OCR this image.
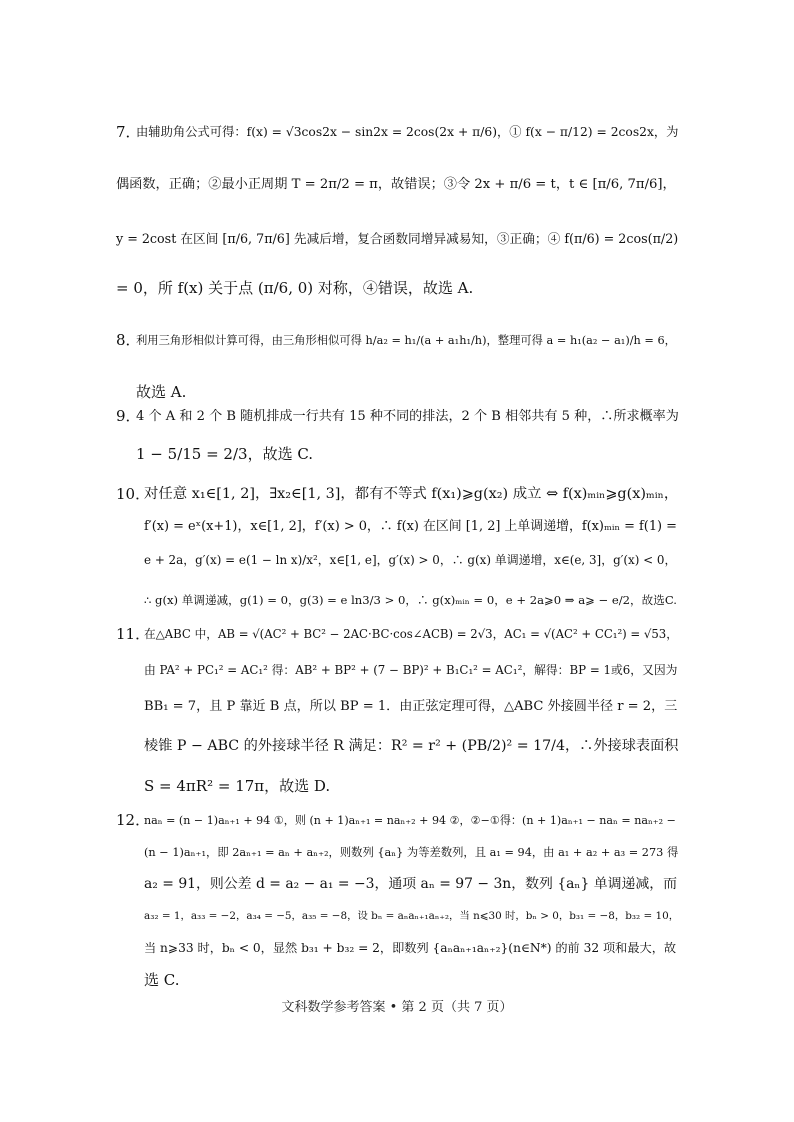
7．
由辅助角公式可得：f(x) = √3cos2x − sin2x = 2cos(2x + π/6)，① f(x − π/12) = 2cos2x，为
偶函数，正确；②最小正周期 T = 2π/2 = π，故错误；③令 2x + π/6 = t，t ∈ [π/6, 7π/6]，
y = 2cost 在区间 [π/6, 7π/6] 先减后增，复合函数同增异减易知，③正确；④ f(π/6) = 2cos(π/2)
= 0，所 f(x) 关于点 (π/6, 0) 对称，④错误，故选 A.
8．
利用三角形相似计算可得，由三角形相似可得 h/a₂ = h₁/(a + a₁h₁/h)，整理可得 a = h₁(a₂ − a₁)/h = 6，
故选 A.
9．
4 个 A 和 2 个 B 随机排成一行共有 15 种不同的排法，2 个 B 相邻共有 5 种，∴所求概率为
1 − 5/15 = 2/3，故选 C.
10．
对任意 x₁∈[1, 2]，∃x₂∈[1, 3]，都有不等式 f(x₁)⩾g(x₂) 成立 ⇔ f(x)ₘᵢₙ⩾g(x)ₘᵢₙ，
f′(x) = eˣ(x+1)，x∈[1, 2]，f′(x) > 0，∴ f(x) 在区间 [1, 2] 上单调递增，f(x)ₘᵢₙ = f(1) =
e + 2a，g′(x) = e(1 − ln x)/x²，x∈[1, e]，g′(x) > 0，∴ g(x) 单调递增，x∈(e, 3]，g′(x) < 0，
∴ g(x) 单调递减，g(1) = 0，g(3) = e ln3/3 > 0，∴ g(x)ₘᵢₙ = 0，e + 2a⩾0 ⇒ a⩾ − e/2，故选C.
11．
在△ABC 中，AB = √(AC² + BC² − 2AC·BC·cos∠ACB) = 2√3，AC₁ = √(AC² + CC₁²) = √53，
由 PA² + PC₁² = AC₁² 得：AB² + BP² + (7 − BP)² + B₁C₁² = AC₁²，解得：BP = 1或6，又因为
BB₁ = 7，且 P 靠近 B 点，所以 BP = 1．由正弦定理可得，△ABC 外接圆半径 r = 2，三
棱锥 P − ABC 的外接球半径 R 满足：R² = r² + (PB/2)² = 17/4，∴外接球表面积
S = 4πR² = 17π，故选 D.
12．
naₙ = (n − 1)aₙ₊₁ + 94 ①，则 (n + 1)aₙ₊₁ = naₙ₊₂ + 94 ②，②−①得：(n + 1)aₙ₊₁ − naₙ = naₙ₊₂ −
(n − 1)aₙ₊₁，即 2aₙ₊₁ = aₙ + aₙ₊₂，则数列 {aₙ} 为等差数列，且 a₁ = 94，由 a₁ + a₂ + a₃ = 273 得
a₂ = 91，则公差 d = a₂ − a₁ = −3，通项 aₙ = 97 − 3n，数列 {aₙ} 单调递减，而
a₃₂ = 1，a₃₃ = −2，a₃₄ = −5，a₃₅ = −8，设 bₙ = aₙaₙ₊₁aₙ₊₂，当 n⩽30 时，bₙ > 0，b₃₁ = −8，b₃₂ = 10，
当 n⩾33 时，bₙ < 0，显然 b₃₁ + b₃₂ = 2，即数列 {aₙaₙ₊₁aₙ₊₂}(n∈N*) 的前 32 项和最大，故
选 C.
文科数学参考答案 • 第 2 页（共 7 页）
